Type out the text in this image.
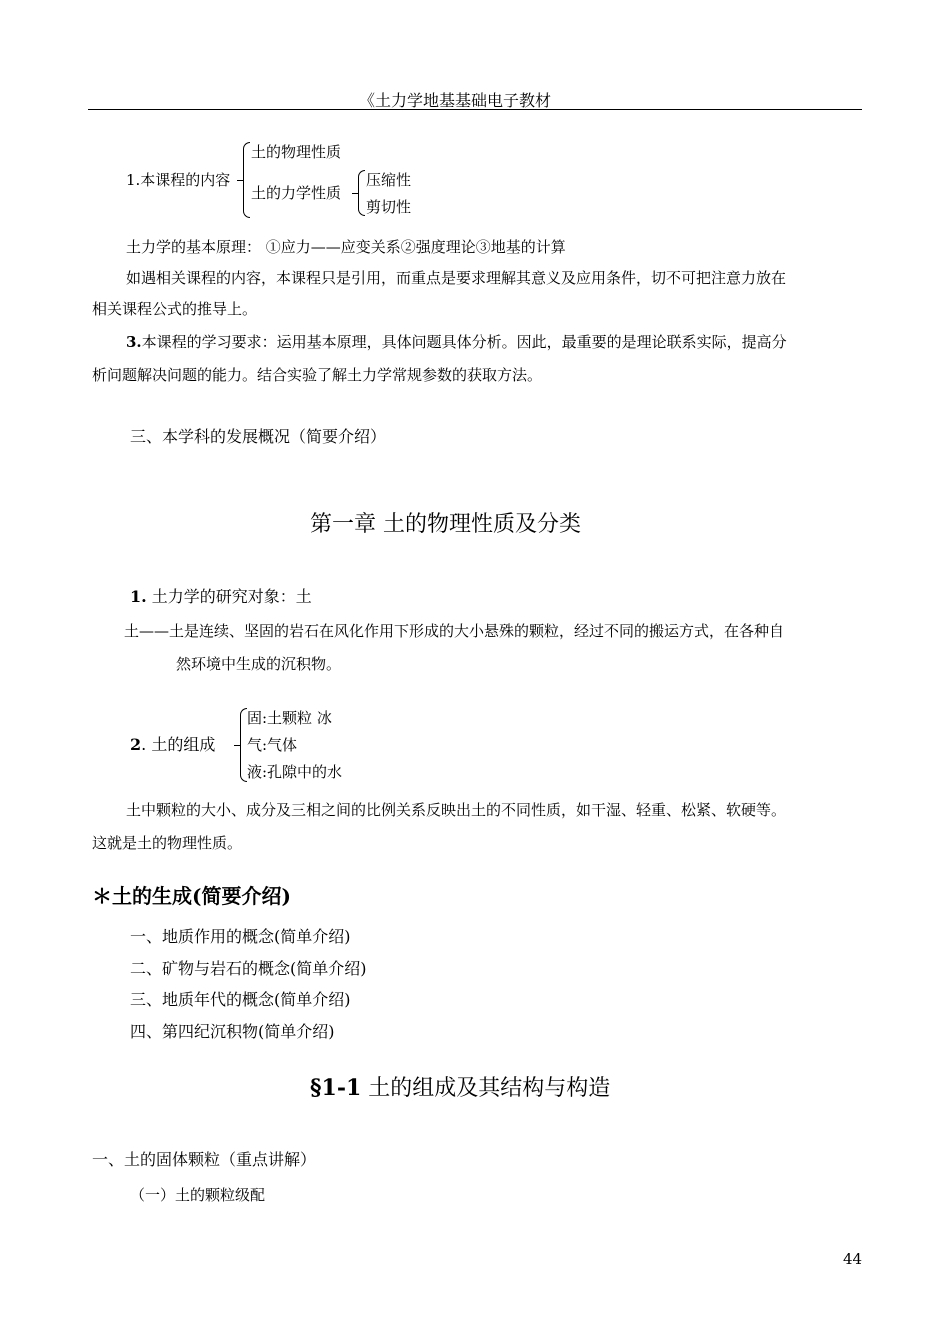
《土力学地基基础电子教材
1.本课程的内容
土的物理性质
土的力学性质
压缩性
剪切性
土力学的基本原理： ①应力——应变关系②强度理论③地基的计算
如遇相关课程的内容，本课程只是引用，而重点是要求理解其意义及应用条件，切不可把注意力放在
相关课程公式的推导上。
3.本课程的学习要求：运用基本原理，具体问题具体分析。因此，最重要的是理论联系实际，提高分
析问题解决问题的能力。结合实验了解土力学常规参数的获取方法。
三、本学科的发展概况（简要介绍）
第一章 土的物理性质及分类
1. 土力学的研究对象：土
土——土是连续、坚固的岩石在风化作用下形成的大小悬殊的颗粒，经过不同的搬运方式，在各种自
然环境中生成的沉积物。
2. 土的组成
固:土颗粒 冰
气:气体
液:孔隙中的水
土中颗粒的大小、成分及三相之间的比例关系反映出土的不同性质，如干湿、轻重、松紧、软硬等。
这就是土的物理性质。
＊土的生成(简要介绍)
一、地质作用的概念(简单介绍)
二、矿物与岩石的概念(简单介绍)
三、地质年代的概念(简单介绍)
四、第四纪沉积物(简单介绍)
§1-1 土的组成及其结构与构造
一、土的固体颗粒（重点讲解）
（一）土的颗粒级配
44
